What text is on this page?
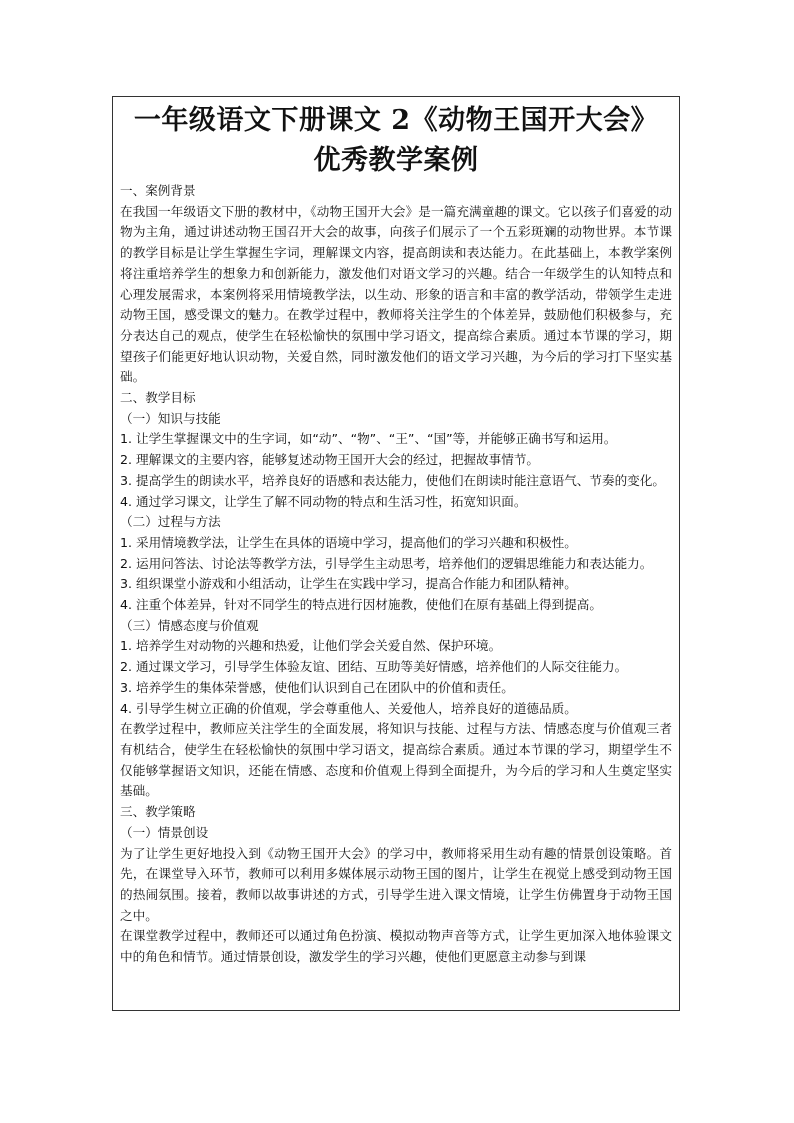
一年级语文下册课文 2《动物王国开大会》
优秀教学案例

一、案例背景

在我国一年级语文下册的教材中，《动物王国开大会》是一篇充满童趣的课文。它以孩子们喜爱的动物为主角，通过讲述动物王国召开大会的故事，向孩子们展示了一个五彩斑斓的动物世界。本节课的教学目标是让学生掌握生字词，理解课文内容，提高朗读和表达能力。在此基础上，本教学案例将注重培养学生的想象力和创新能力，激发他们对语文学习的兴趣。结合一年级学生的认知特点和心理发展需求，本案例将采用情境教学法，以生动、形象的语言和丰富的教学活动，带领学生走进动物王国，感受课文的魅力。在教学过程中，教师将关注学生的个体差异，鼓励他们积极参与，充分表达自己的观点，使学生在轻松愉快的氛围中学习语文，提高综合素质。通过本节课的学习，期望孩子们能更好地认识动物，关爱自然，同时激发他们的语文学习兴趣，为今后的学习打下坚实基础。

二、教学目标

（一）知识与技能

1. 让学生掌握课文中的生字词，如“动”、“物”、“王”、“国”等，并能够正确书写和运用。

2. 理解课文的主要内容，能够复述动物王国开大会的经过，把握故事情节。

3. 提高学生的朗读水平，培养良好的语感和表达能力，使他们在朗读时能注意语气、节奏的变化。

4. 通过学习课文，让学生了解不同动物的特点和生活习性，拓宽知识面。

（二）过程与方法

1. 采用情境教学法，让学生在具体的语境中学习，提高他们的学习兴趣和积极性。

2. 运用问答法、讨论法等教学方法，引导学生主动思考，培养他们的逻辑思维能力和表达能力。

3. 组织课堂小游戏和小组活动，让学生在实践中学习，提高合作能力和团队精神。

4. 注重个体差异，针对不同学生的特点进行因材施教，使他们在原有基础上得到提高。

（三）情感态度与价值观

1. 培养学生对动物的兴趣和热爱，让他们学会关爱自然、保护环境。

2. 通过课文学习，引导学生体验友谊、团结、互助等美好情感，培养他们的人际交往能力。

3. 培养学生的集体荣誉感，使他们认识到自己在团队中的价值和责任。

4. 引导学生树立正确的价值观，学会尊重他人、关爱他人，培养良好的道德品质。

在教学过程中，教师应关注学生的全面发展，将知识与技能、过程与方法、情感态度与价值观三者有机结合，使学生在轻松愉快的氛围中学习语文，提高综合素质。通过本节课的学习，期望学生不仅能够掌握语文知识，还能在情感、态度和价值观上得到全面提升，为今后的学习和人生奠定坚实基础。

三、教学策略

（一）情景创设

为了让学生更好地投入到《动物王国开大会》的学习中，教师将采用生动有趣的情景创设策略。首先，在课堂导入环节，教师可以利用多媒体展示动物王国的图片，让学生在视觉上感受到动物王国的热闹氛围。接着，教师以故事讲述的方式，引导学生进入课文情境，让学生仿佛置身于动物王国之中。

在课堂教学过程中，教师还可以通过角色扮演、模拟动物声音等方式，让学生更加深入地体验课文中的角色和情节。通过情景创设，激发学生的学习兴趣，使他们更愿意主动参与到课
